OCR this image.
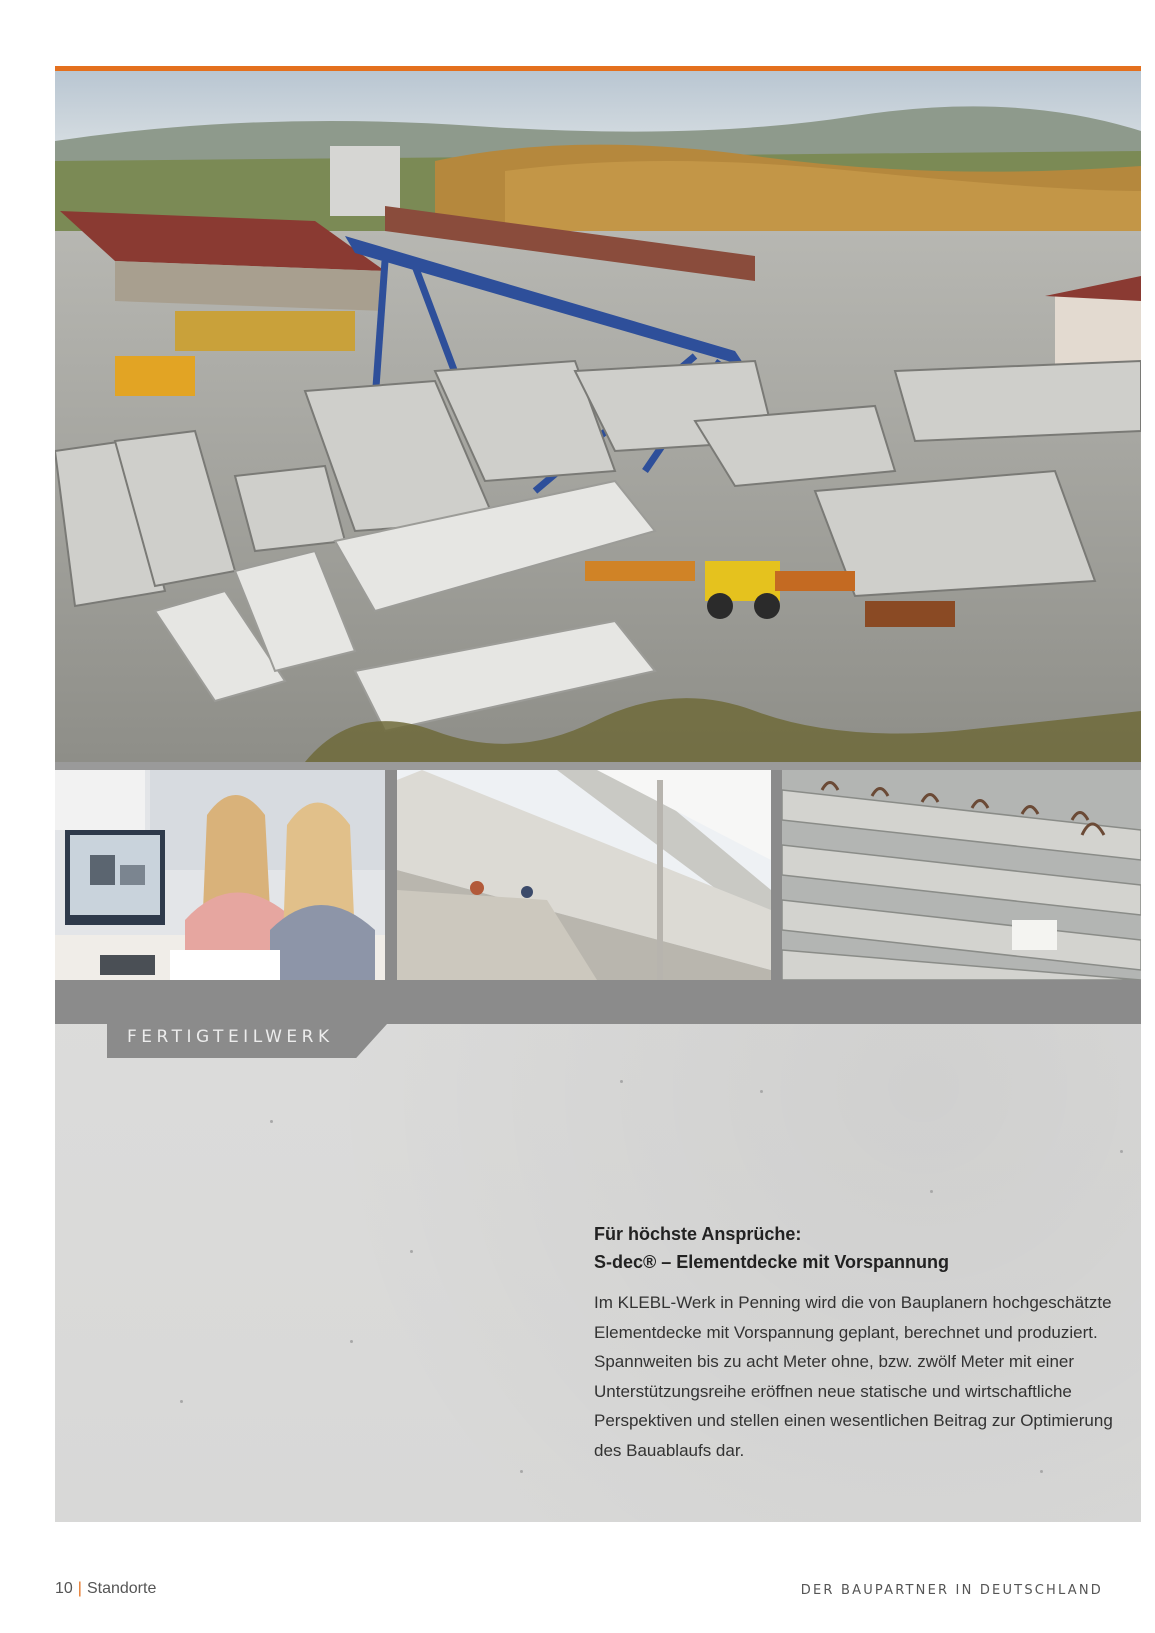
FERTIGTEILWERK
Für höchste Ansprüche:
S-dec® – Elementdecke mit Vorspannung

Im KLEBL-Werk in Penning wird die von Bauplanern hochgeschätzte Elementdecke mit Vorspannung geplant, berechnet und produziert. Spannweiten bis zu acht Meter ohne, bzw. zwölf Meter mit einer Unterstützungsreihe eröffnen neue statische und wirtschaftliche Perspektiven und stellen einen wesentlichen Beitrag zur Optimierung des Bauablaufs dar.

10 | Standorte	DER BAUPARTNER IN DEUTSCHLAND
